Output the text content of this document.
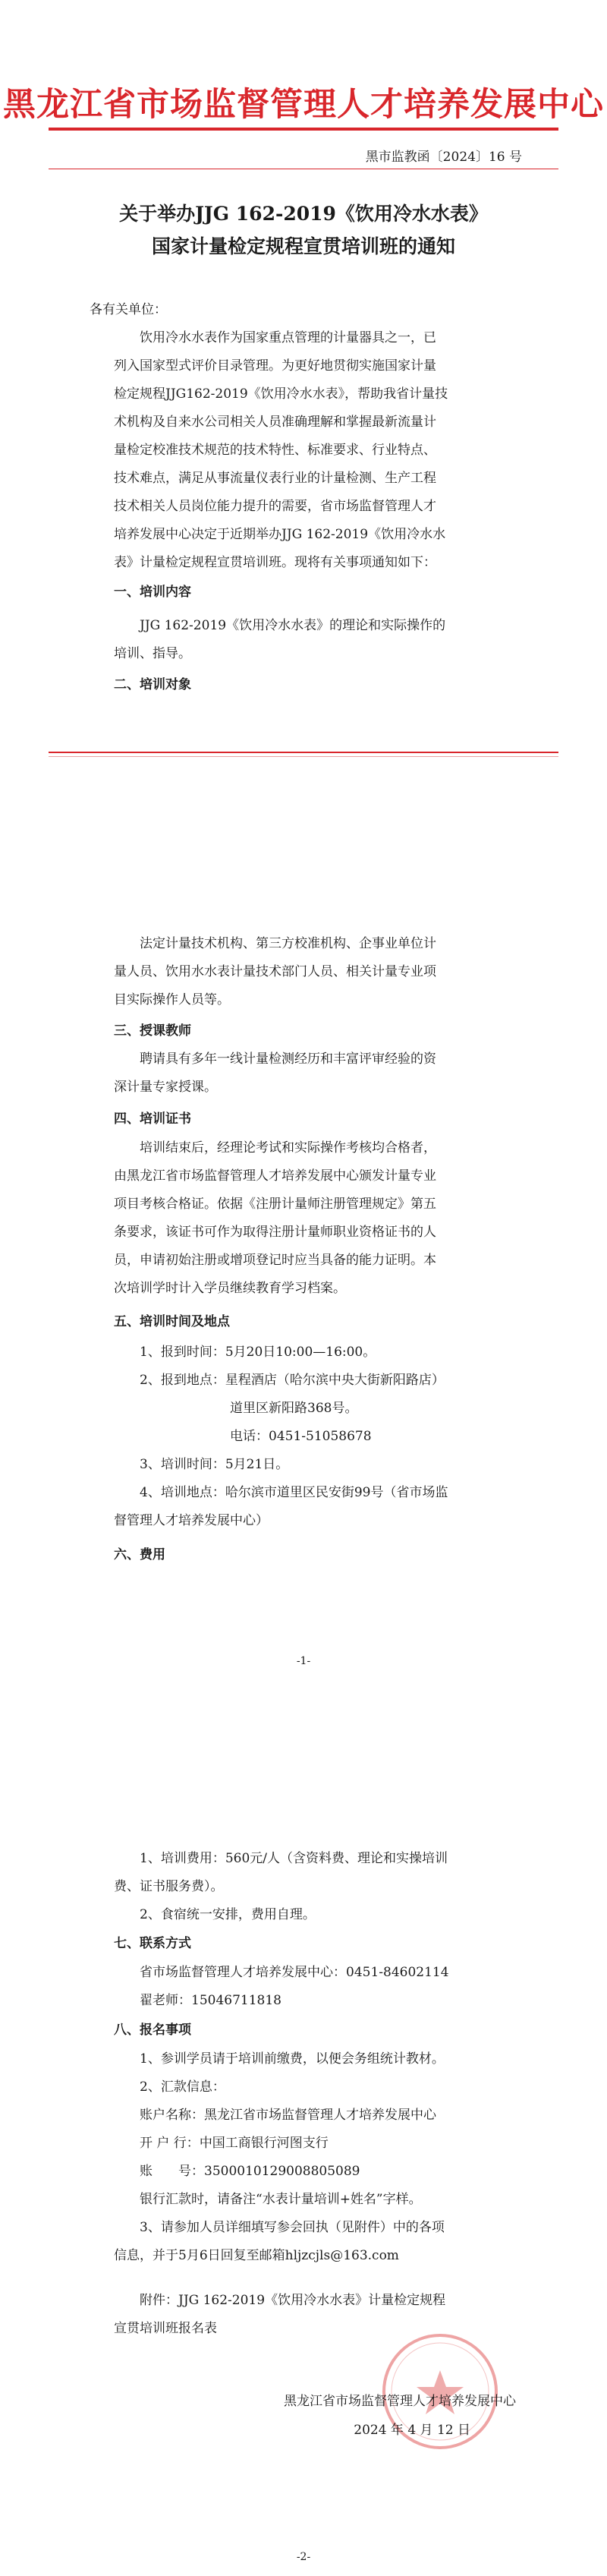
黑龙江省市场监督管理人才培养发展中心
黑市监教函〔2024〕16 号
关于举办JJG 162-2019《饮用冷水水表》
国家计量检定规程宣贯培训班的通知
各有关单位：
饮用冷水水表作为国家重点管理的计量器具之一，已
列入国家型式评价目录管理。为更好地贯彻实施国家计量
检定规程JJG162-2019《饮用冷水水表》，帮助我省计量技
术机构及自来水公司相关人员准确理解和掌握最新流量计
量检定校准技术规范的技术特性、标准要求、行业特点、
技术难点，满足从事流量仪表行业的计量检测、生产工程
技术相关人员岗位能力提升的需要，省市场监督管理人才
培养发展中心决定于近期举办JJG 162-2019《饮用冷水水
表》计量检定规程宣贯培训班。现将有关事项通知如下：
一、培训内容
JJG 162-2019《饮用冷水水表》的理论和实际操作的
培训、指导。
二、培训对象
法定计量技术机构、第三方校准机构、企事业单位计
量人员、饮用水水表计量技术部门人员、相关计量专业项
目实际操作人员等。
三、授课教师
聘请具有多年一线计量检测经历和丰富评审经验的资
深计量专家授课。
四、培训证书
培训结束后，经理论考试和实际操作考核均合格者，
由黑龙江省市场监督管理人才培养发展中心颁发计量专业
项目考核合格证。依据《注册计量师注册管理规定》第五
条要求，该证书可作为取得注册计量师职业资格证书的人
员，申请初始注册或增项登记时应当具备的能力证明。本
次培训学时计入学员继续教育学习档案。
五、培训时间及地点
1、报到时间：5月20日10:00—16:00。
2、报到地点：星程酒店（哈尔滨中央大街新阳路店）
道里区新阳路368号。
电话：0451-51058678
3、培训时间：5月21日。
4、培训地点：哈尔滨市道里区民安街99号（省市场监
督管理人才培养发展中心）
六、费用
-1-
1、培训费用：560元/人（含资料费、理论和实操培训
费、证书服务费）。
2、食宿统一安排，费用自理。
七、联系方式
省市场监督管理人才培养发展中心：0451-84602114
翟老师：15046711818
八、报名事项
1、参训学员请于培训前缴费，以便会务组统计教材。
2、汇款信息：
账户名称：黑龙江省市场监督管理人才培养发展中心
开 户 行：中国工商银行河图支行
账　　号：3500010129008805089
银行汇款时，请备注“水表计量培训+姓名”字样。
3、请参加人员详细填写参会回执（见附件）中的各项
信息，并于5月6日回复至邮箱hljzcjls@163.com
附件：JJG 162-2019《饮用冷水水表》计量检定规程
宣贯培训班报名表
黑龙江省市场监督管理人才培养发展中心
2024 年 4 月 12 日
-2-
